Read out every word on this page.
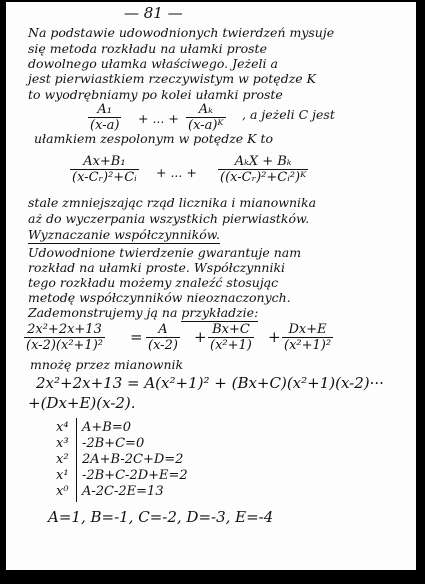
— 81 —
Na podstawie udowodnionych twierdzeń mysuje
się metoda rozkładu na ułamki proste
dowolnego ułamka właściwego. Jeżeli a
jest pierwiastkiem rzeczywistym w potędze K
to wyodrębniamy po kolei ułamki proste
$\frac{\text{A₁}}{(x-a)}$ + ... + $\frac{\text{Aₖ}}{\text{(x-a)ᴷ}}$ , a jeżeli C jest
ułamkiem zespolonym w potędze K to
$\frac{\text{Ax+B₁}}{\text{(x-Cᵣ)²+Cᵢ}}$ + ... +
AₖX + Bₖ
((x-Cᵣ)²+Cᵢ²)ᴷ
stale zmniejszając rząd licznika i mianownika
aż do wyczerpania wszystkich pierwiastków.
Wyznaczanie współczynników.
Udowodnione twierdzenie gwarantuje nam
rozkład na ułamki proste. Współczynniki
tego rozkładu możemy znaleźć stosując
metodę współczynników nieoznaczonych.
Zademonstrujemy ją na przykładzie:
$\frac{\text{2x²+2x+13}}{\text{(x-2)(x²+1)²}} = \frac{A}{(x-2)} + \frac{Bx+C}{\text{(x²+1)}} + \frac{Dx+E}{\text{(x²+1)²}}$
mnożę przez mianownik
2x²+2x+13 = A(x²+1)² + (Bx+C)(x²+1)(x-2)···
+(Dx+E)(x-2).
x⁴
x³
x²
x¹
x⁰
A+B=0
-2B+C=0
2A+B-2C+D=2
-2B+C-2D+E=2
A-2C-2E=13
A=1, B=-1, C=-2, D=-3, E=-4
